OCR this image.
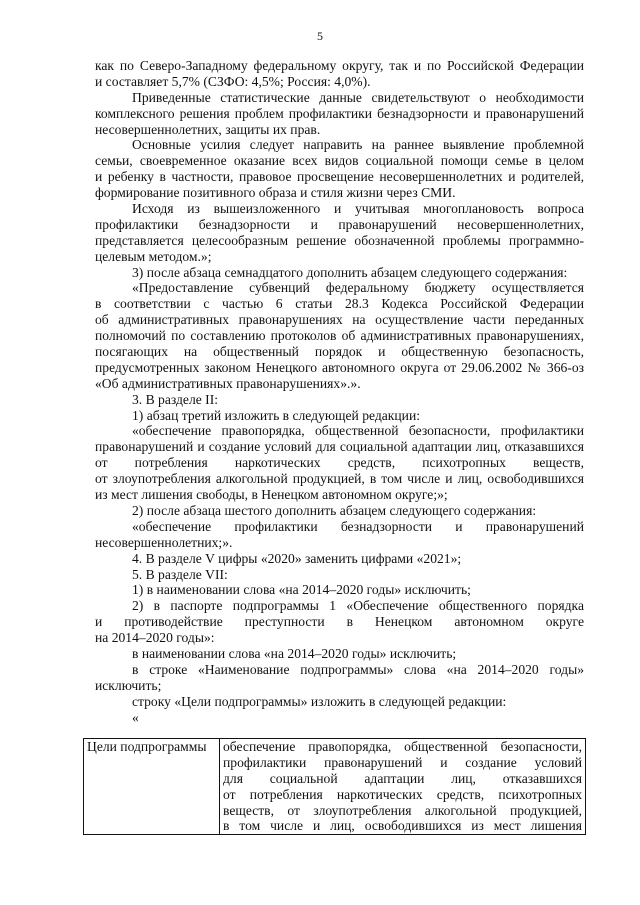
5
как по Северо-Западному федеральному округу, так и по Российской Федерации
и составляет 5,7% (СЗФО: 4,5%; Россия: 4,0%).
Приведенные статистические данные свидетельствуют о необходимости
комплексного решения проблем профилактики безнадзорности и правонарушений
несовершеннолетних, защиты их прав.
Основные усилия следует направить на раннее выявление проблемной
семьи, своевременное оказание всех видов социальной помощи семье в целом
и ребенку в частности, правовое просвещение несовершеннолетних и родителей,
формирование позитивного образа и стиля жизни через СМИ.
Исходя из вышеизложенного и учитывая многоплановость вопроса
профилактики безнадзорности и правонарушений несовершеннолетних,
представляется целесообразным решение обозначенной проблемы программно-
целевым методом.»;
3) после абзаца семнадцатого дополнить абзацем следующего содержания:
«Предоставление субвенций федеральному бюджету осуществляется
в соответствии с частью 6 статьи 28.3 Кодекса Российской Федерации
об административных правонарушениях на осуществление части переданных
полномочий по составлению протоколов об административных правонарушениях,
посягающих на общественный порядок и общественную безопасность,
предусмотренных законом Ненецкого автономного округа от 29.06.2002 № 366-оз
«Об административных правонарушениях».».
3. В разделе II:
1) абзац третий изложить в следующей редакции:
«обеспечение правопорядка, общественной безопасности, профилактики
правонарушений и создание условий для социальной адаптации лиц, отказавшихся
от потребления наркотических средств, психотропных веществ,
от злоупотребления алкогольной продукцией, в том числе и лиц, освободившихся
из мест лишения свободы, в Ненецком автономном округе;»;
2) после абзаца шестого дополнить абзацем следующего содержания:
«обеспечение профилактики безнадзорности и правонарушений
несовершеннолетних;».
4. В разделе V цифры «2020» заменить цифрами «2021»;
5. В разделе VII:
1) в наименовании слова «на 2014–2020 годы» исключить;
2) в паспорте подпрограммы 1 «Обеспечение общественного порядка
и противодействие преступности в Ненецком автономном округе
на 2014–2020 годы»:
в наименовании слова «на 2014–2020 годы» исключить;
в строке «Наименование подпрограммы» слова «на 2014–2020 годы»
исключить;
строку «Цели подпрограммы» изложить в следующей редакции:
«
Цели подпрограммы	обеспечение правопорядка, общественной безопасности,
профилактики правонарушений и создание условий
для социальной адаптации лиц, отказавшихся
от потребления наркотических средств, психотропных
веществ, от злоупотребления алкогольной продукцией,
в том числе и лиц, освободившихся из мест лишения
